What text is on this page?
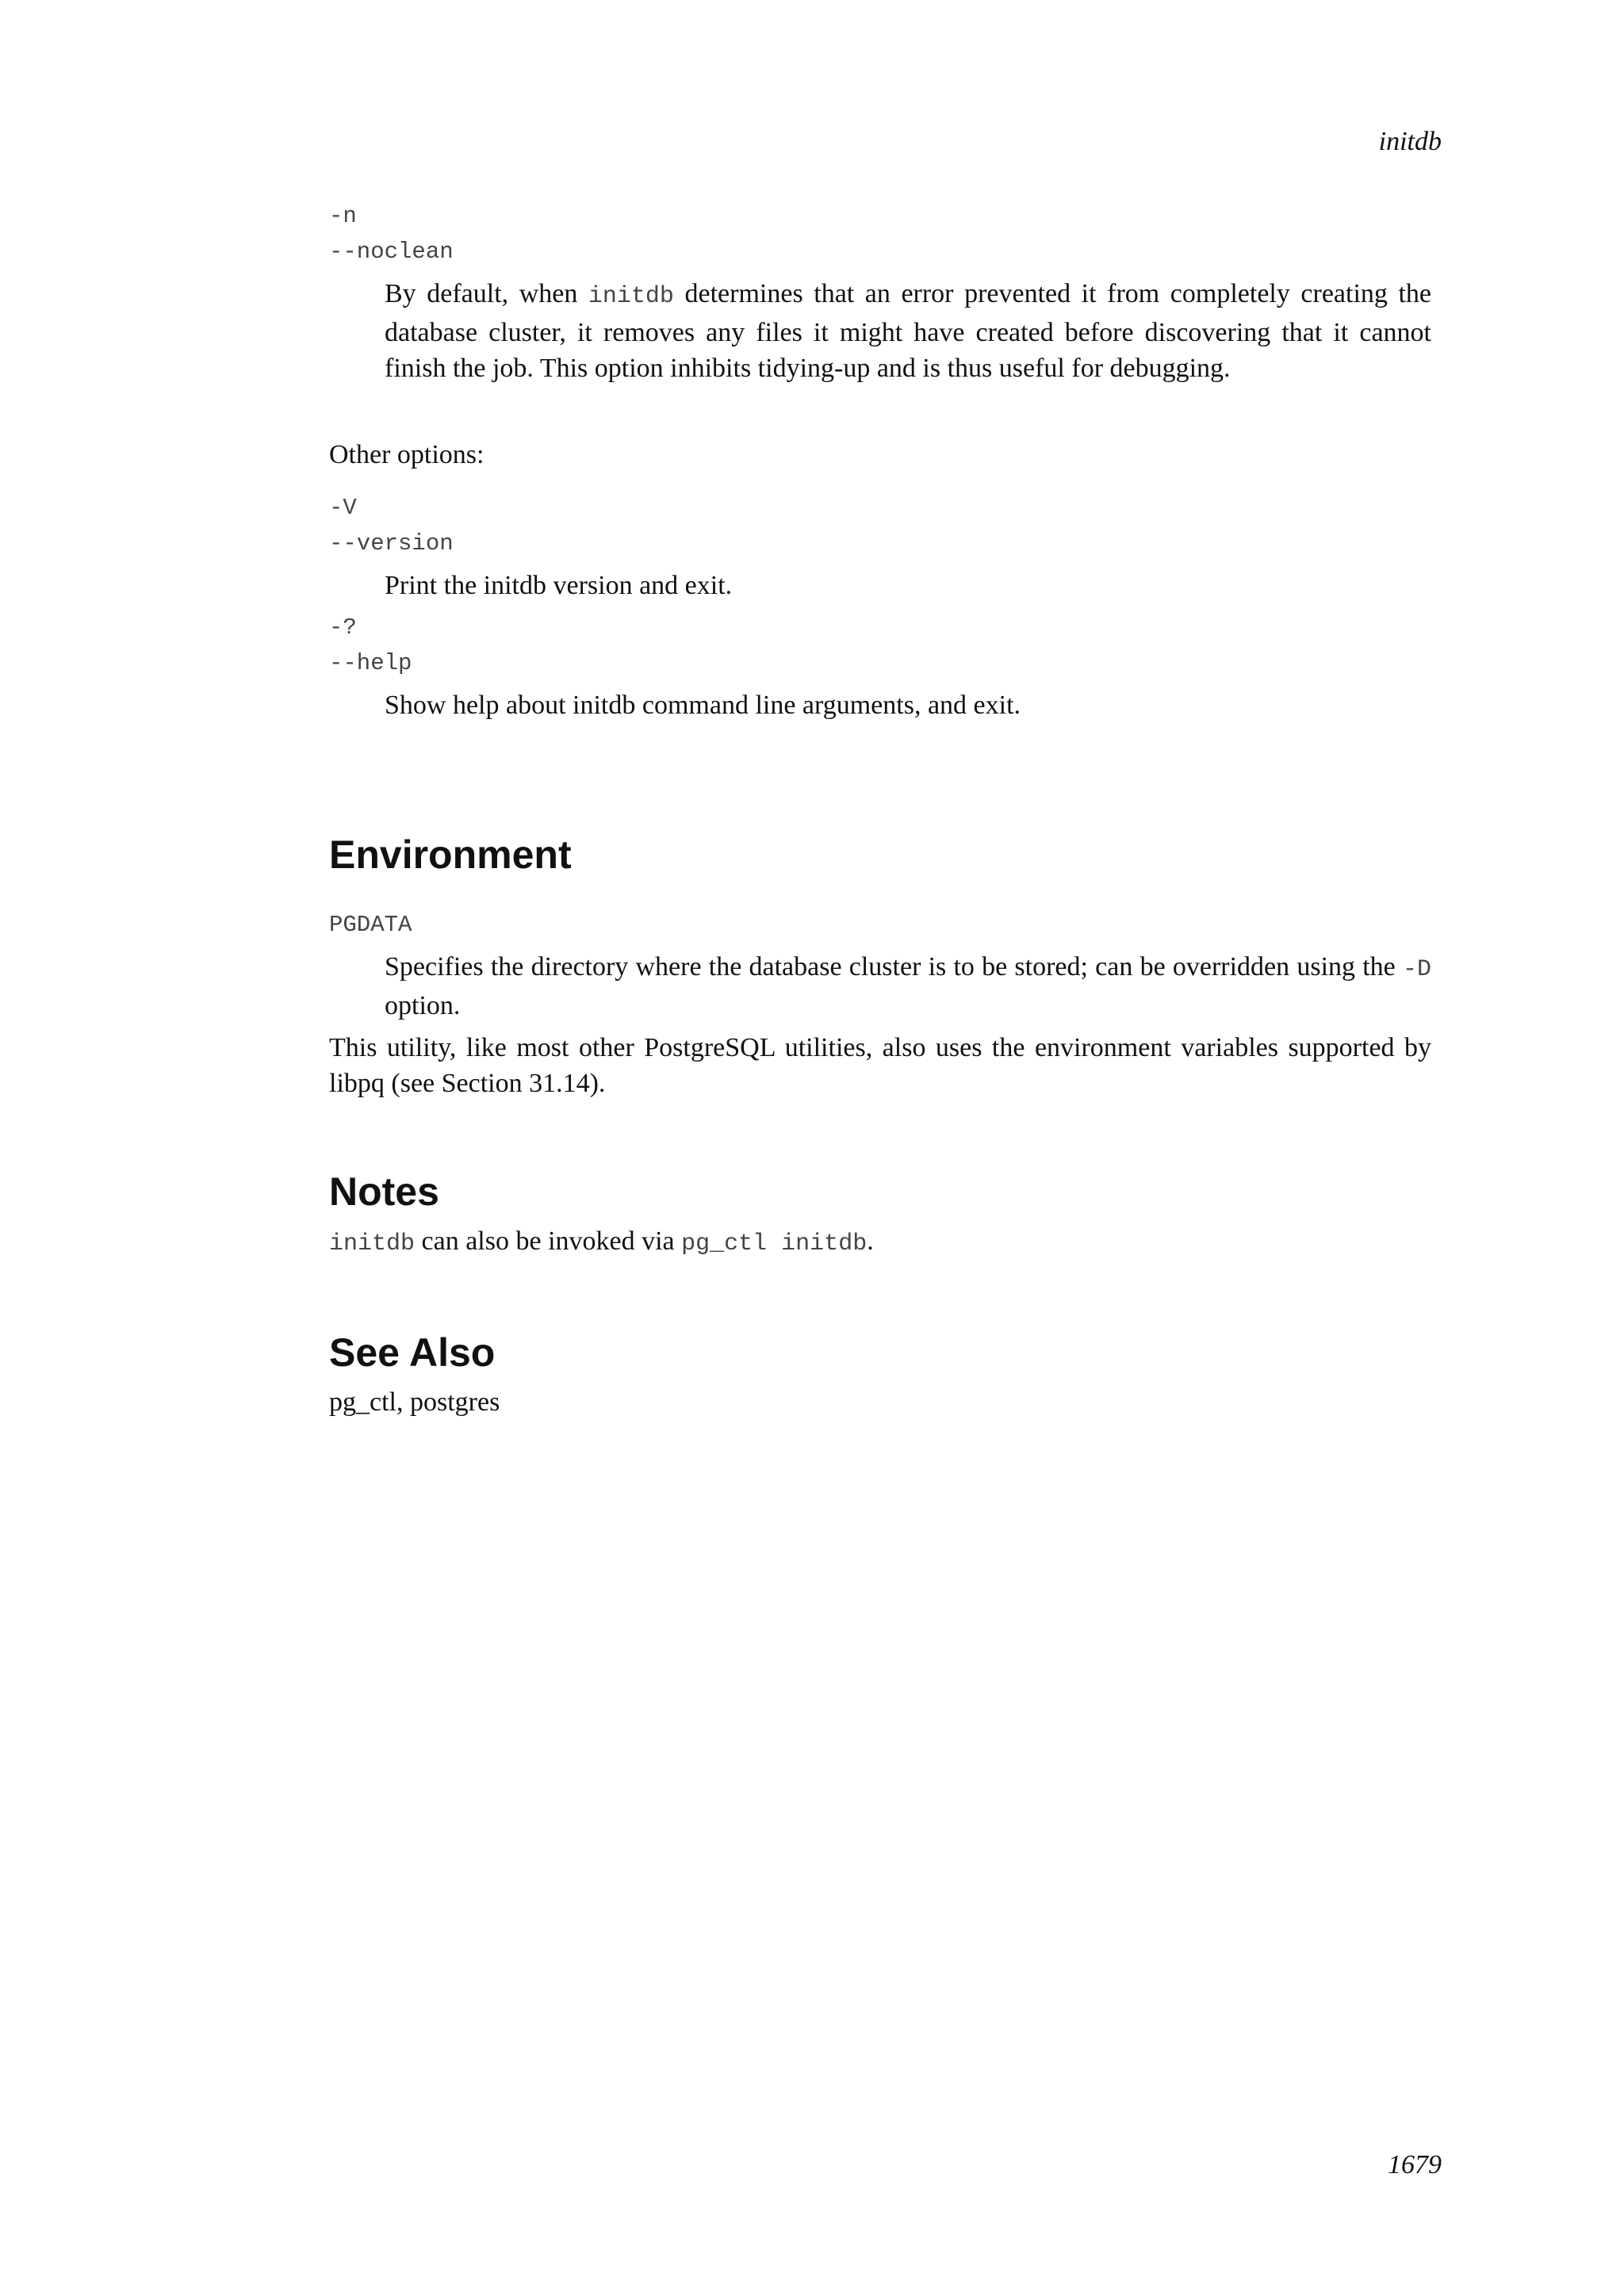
initdb
-n
--noclean
By default, when initdb determines that an error prevented it from completely creating the database cluster, it removes any files it might have created before discovering that it cannot finish the job. This option inhibits tidying-up and is thus useful for debugging.

Other options:

-V
--version
Print the initdb version and exit.
-?
--help
Show help about initdb command line arguments, and exit.
Environment
PGDATA
Specifies the directory where the database cluster is to be stored; can be overridden using the -D option.

This utility, like most other PostgreSQL utilities, also uses the environment variables supported by libpq (see Section 31.14).

Notes

initdb can also be invoked via pg_ctl initdb.

See Also

pg_ctl, postgres

1679
